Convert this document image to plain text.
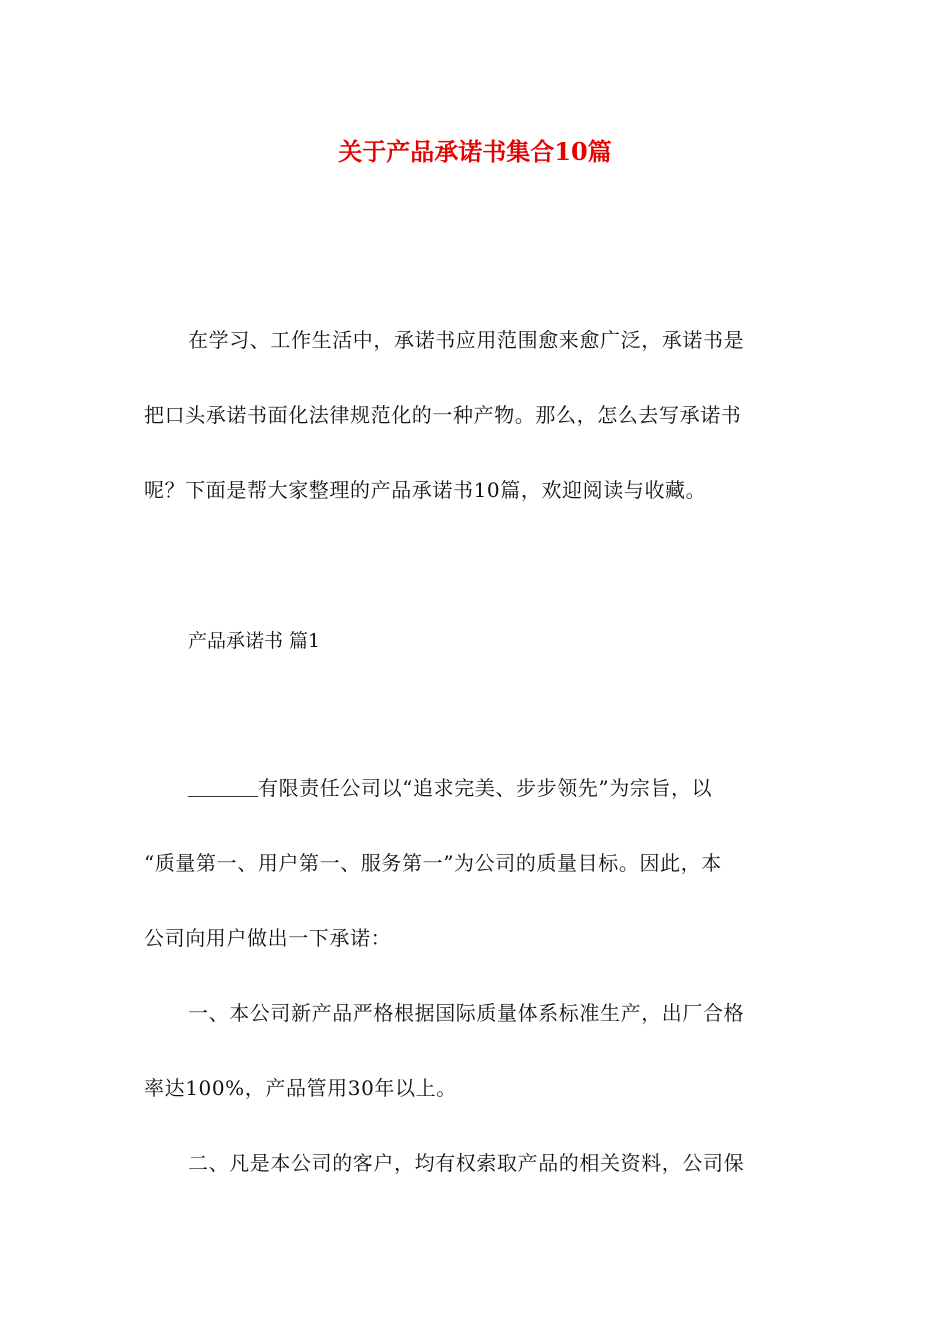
关于产品承诺书集合10篇
在学习、工作生活中，承诺书应用范围愈来愈广泛，承诺书是
把口头承诺书面化法律规范化的一种产物。那么，怎么去写承诺书
呢？下面是帮大家整理的产品承诺书10篇，欢迎阅读与收藏。
产品承诺书 篇1
有限责任公司以“追求完美、步步领先”为宗旨，以
“质量第一、用户第一、服务第一”为公司的质量目标。因此，本
公司向用户做出一下承诺：
一、本公司新产品严格根据国际质量体系标准生产，出厂合格
率达100%，产品管用30年以上。
二、凡是本公司的客户，均有权索取产品的相关资料，公司保
